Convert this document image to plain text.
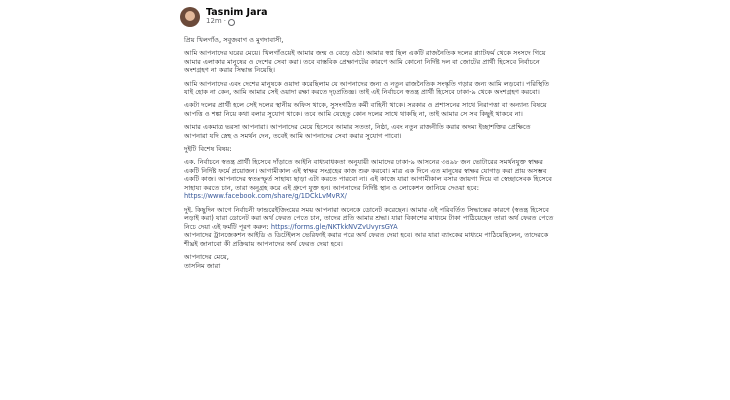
Tasnim Jara
12m ·

প্রিয় খিলগাঁও, সবুজবাগ ও মুগদাবাসী,

আমি আপনাদের ঘরের মেয়ে। খিলগাঁওয়েই আমার জন্ম ও বেড়ে ওঠা। আমার স্বপ্ন ছিল একটি রাজনৈতিক দলের প্ল্যাটফর্ম থেকে সংসদে গিয়ে আমার এলাকার মানুষের ও দেশের সেবা করা। তবে বাস্তবিক প্রেক্ষাপটের কারণে আমি কোনো নির্দিষ্ট দল বা জোটের প্রার্থী হিসেবে নির্বাচনে অংশগ্রহণ না করার সিদ্ধান্ত নিয়েছি।

আমি আপনাদের এবং দেশের মানুষকে ওয়াদা করেছিলাম যে আপনাদের জন্য ও নতুন রাজনৈতিক সংস্কৃতি গড়ার জন্য আমি লড়বো। পরিস্থিতি যাই হোক না কেন, আমি আমার সেই ওয়াদা রক্ষা করতে দৃঢ়প্রতিজ্ঞ। তাই এই নির্বাচনে স্বতন্ত্র প্রার্থী হিসেবে ঢাকা-৯ থেকে অংশগ্রহণ করবো।

একটা দলের প্রার্থী হলে সেই দলের স্থানীয় অফিস থাকে, সুসংগঠিত কর্মী বাহিনী থাকে। সরকার ও প্রশাসনের সাথে নিরাপত্তা বা অন্যান্য বিষয়ে আপত্তি ও শঙ্কা নিয়ে কথা বলার সুযোগ থাকে। তবে আমি যেহেতু কোন দলের সাথে থাকছি না, তাই আমার সে সব কিছুই থাকবে না।

আমার একমাত্র ভরসা আপনারা। আপনাদের মেয়ে হিসেবে আমার সততা, নিষ্ঠা, এবং নতুন রাজনীতি করার অদম্য ইচ্ছাশক্তির প্রেক্ষিতে আপনারা যদি স্নেহ ও সমর্থন দেন, তবেই আমি আপনাদের সেবা করার সুযোগ পাবো।

দুইটি বিশেষ বিষয়:

এক. নির্বাচনে স্বতন্ত্র প্রার্থী হিসেবে দাঁড়াতে আইনি বাধ্যবাধকতা অনুযায়ী আমাদের ঢাকা-৯ আসনের ৩৪৯৮ জন ভোটারের সমর্থনযুক্ত স্বাক্ষর একটি নির্দিষ্ট ফর্মে প্রয়োজন। আগামীকাল এই স্বাক্ষর সংগ্রহের কাজ শুরু করবো। মাত্র এক দিনে এত মানুষের স্বাক্ষর যোগাড় করা প্রায় অসম্ভব একটি কাজ। আপনাদের স্বতঃস্ফূর্ত সাহায্য ছাড়া এটা করতে পারবো না। এই কাজে যারা আগামীকাল বসার জায়গা দিয়ে বা স্বেচ্ছাসেবক হিসেবে সাহায্য করতে চান, তারা অনুগ্রহ করে এই গ্রুপে যুক্ত হন। আপনাদের নির্দিষ্ট স্থান ও লোকেশন জানিয়ে দেওয়া হবে: https://www.facebook.com/share/g/1DCkLvMvRX/

দুই. কিছুদিন আগে নির্বাচনী ফান্ডরেইজিংয়ের সময় আপনারা অনেকে ডোনেট করেছেন। আমার এই পরিবর্তিত সিদ্ধান্তের কারণে (স্বতন্ত্র হিসেবে লড়াই করা) যারা ডোনেট করা অর্থ ফেরত পেতে চান, তাদের প্রতি আমার শ্রদ্ধা। যারা বিকাশের মাধ্যমে টাকা পাঠিয়েছেন তারা অর্থ ফেরত পেতে নিচে দেয়া এই ফর্মটি পূরণ করুন: https://forms.gle/NKTkkNVZvUvyrsGYA

আপনাদের ট্রানজেকশন আইডি ও ডিটেইলস ভেরিফাই করার পরে অর্থ ফেরত দেয়া হবে। আর যারা ব্যাংকের মাধ্যমে পাঠিয়েছিলেন, তাদেরকে শীঘ্রই জানাবো কী প্রক্রিয়ায় আপনাদের অর্থ ফেরত দেয়া হবে।

আপনাদের মেয়ে,

তাসনিম জারা
